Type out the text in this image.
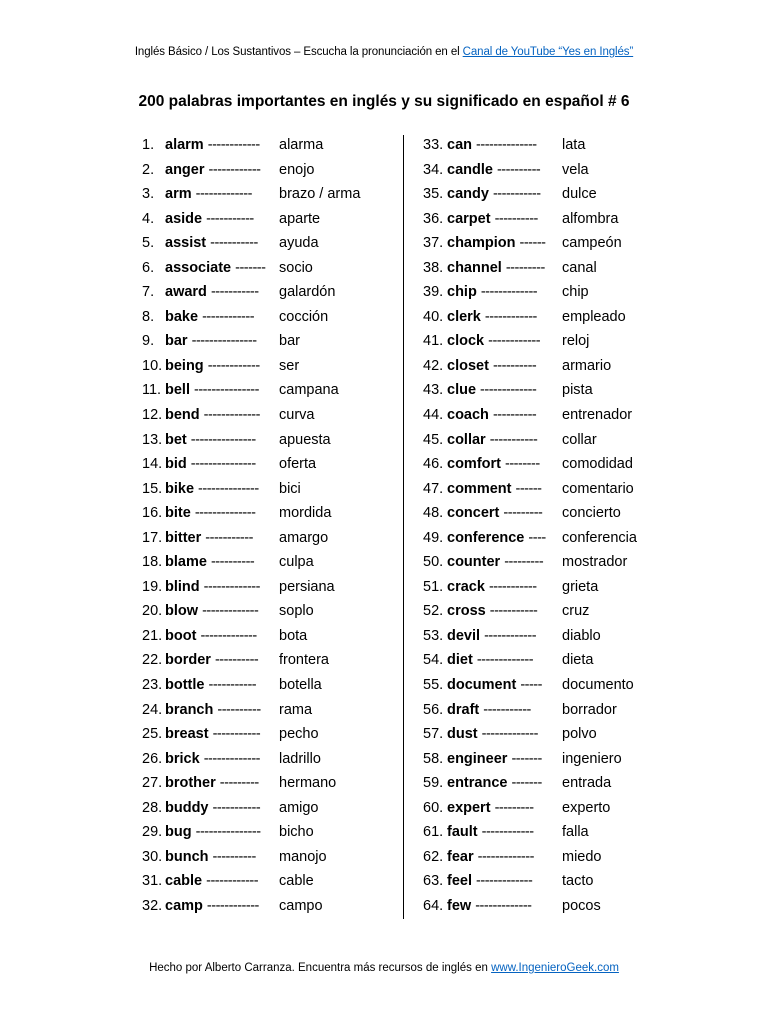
Inglés Básico / Los Sustantivos – Escucha la pronunciación en el Canal de YouTube “Yes en Inglés”
200 palabras importantes en inglés y su significado en español # 6
1. alarm ------------ alarma
2. anger ------------ enojo
3. arm ------------- brazo / arma
4. aside ----------- aparte
5. assist ----------- ayuda
6. associate ------- socio
7. award ----------- galardón
8. bake ------------ cocción
9. bar --------------- bar
10. being ------------ ser
11. bell --------------- campana
12. bend ------------- curva
13. bet --------------- apuesta
14. bid --------------- oferta
15. bike -------------- bici
16. bite -------------- mordida
17. bitter ----------- amargo
18. blame ---------- culpa
19. blind ------------- persiana
20. blow ------------- soplo
21. boot ------------- bota
22. border ---------- frontera
23. bottle ----------- botella
24. branch ---------- rama
25. breast ----------- pecho
26. brick ------------- ladrillo
27. brother --------- hermano
28. buddy ----------- amigo
29. bug --------------- bicho
30. bunch ---------- manojo
31. cable ------------ cable
32. camp ------------ campo
33. can -------------- lata
34. candle ---------- vela
35. candy ----------- dulce
36. carpet ---------- alfombra
37. champion ------ campeón
38. channel --------- canal
39. chip ------------- chip
40. clerk ------------ empleado
41. clock ------------ reloj
42. closet ---------- armario
43. clue ------------- pista
44. coach ---------- entrenador
45. collar ----------- collar
46. comfort -------- comodidad
47. comment ------ comentario
48. concert --------- concierto
49. conference ---- conferencia
50. counter --------- mostrador
51. crack ----------- grieta
52. cross ----------- cruz
53. devil ------------ diablo
54. diet ------------- dieta
55. document ----- documento
56. draft ----------- borrador
57. dust ------------- polvo
58. engineer ------- ingeniero
59. entrance ------- entrada
60. expert --------- experto
61. fault ------------ falla
62. fear ------------- miedo
63. feel ------------- tacto
64. few ------------- pocos
Hecho por Alberto Carranza. Encuentra más recursos de inglés en www.IngenieroGeek.com
